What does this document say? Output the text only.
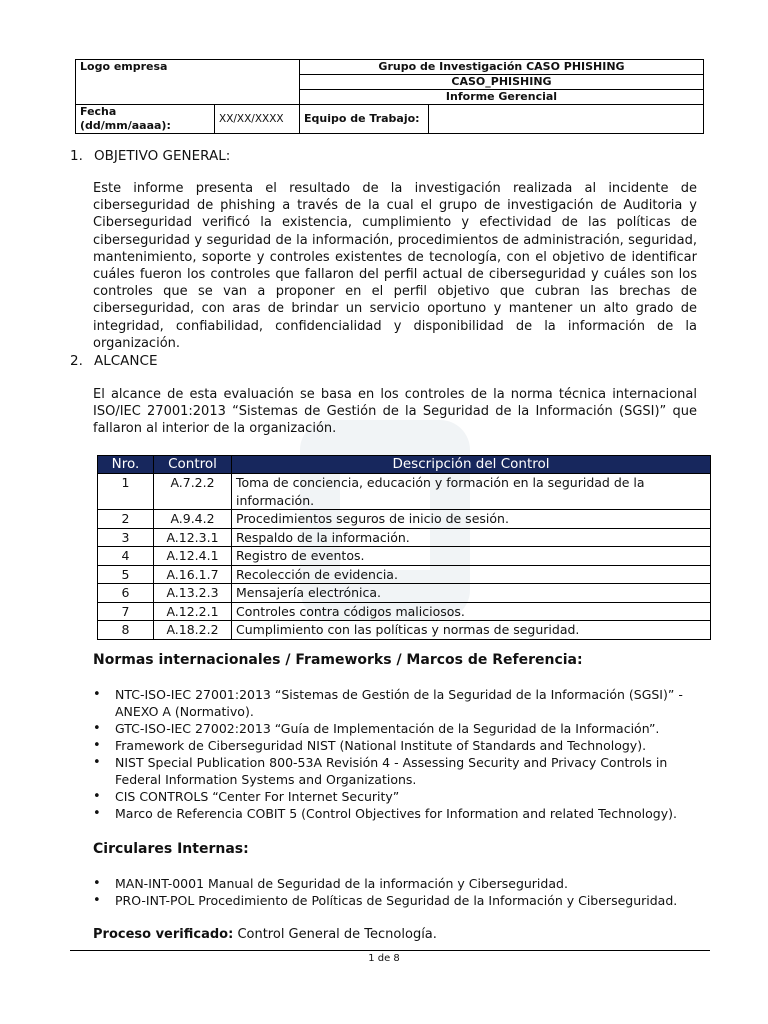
Logo empresa		Grupo de Investigación CASO PHISHING	
		CASO_PHISHING	
		Informe Gerencial	
Fecha (dd/mm/aaaa):	XX/XX/XXXX	Equipo de Trabajo:	
1. OBJETIVO GENERAL:
Este informe presenta el resultado de la investigación realizada al incidente de ciberseguridad de phishing a través de la cual el grupo de investigación de Auditoria y Ciberseguridad verificó la existencia, cumplimiento y efectividad de las políticas de ciberseguridad y seguridad de la información, procedimientos de administración, seguridad, mantenimiento, soporte y controles existentes de tecnología, con el objetivo de identificar cuáles fueron los controles que fallaron del perfil actual de ciberseguridad y cuáles son los controles que se van a proponer en el perfil objetivo que cubran las brechas de ciberseguridad, con aras de brindar un servicio oportuno y mantener un alto grado de integridad, confiabilidad, confidencialidad y disponibilidad de la información de la organización.
2. ALCANCE
El alcance de esta evaluación se basa en los controles de la norma técnica internacional ISO/IEC 27001:2013 “Sistemas de Gestión de la Seguridad de la Información (SGSI)” que fallaron al interior de la organización.
Nro.	Control	Descripción del Control
1	A.7.2.2	Toma de conciencia, educación y formación en la seguridad de la información.
2	A.9.4.2	Procedimientos seguros de inicio de sesión.
3	A.12.3.1	Respaldo de la información.
4	A.12.4.1	Registro de eventos.
5	A.16.1.7	Recolección de evidencia.
6	A.13.2.3	Mensajería electrónica.
7	A.12.2.1	Controles contra códigos maliciosos.
8	A.18.2.2	Cumplimiento con las políticas y normas de seguridad.
Normas internacionales / Frameworks / Marcos de Referencia:
• NTC-ISO-IEC 27001:2013 “Sistemas de Gestión de la Seguridad de la Información (SGSI)” - ANEXO A (Normativo).
• GTC-ISO-IEC 27002:2013 “Guía de Implementación de la Seguridad de la Información”.
• Framework de Ciberseguridad NIST (National Institute of Standards and Technology).
• NIST Special Publication 800-53A Revisión 4 - Assessing Security and Privacy Controls in Federal Information Systems and Organizations.
• CIS CONTROLS “Center For Internet Security”
• Marco de Referencia COBIT 5 (Control Objectives for Information and related Technology).
Circulares Internas:
• MAN-INT-0001 Manual de Seguridad de la información y Ciberseguridad.
• PRO-INT-POL Procedimiento de Políticas de Seguridad de la Información y Ciberseguridad.
Proceso verificado: Control General de Tecnología.
1 de 8
